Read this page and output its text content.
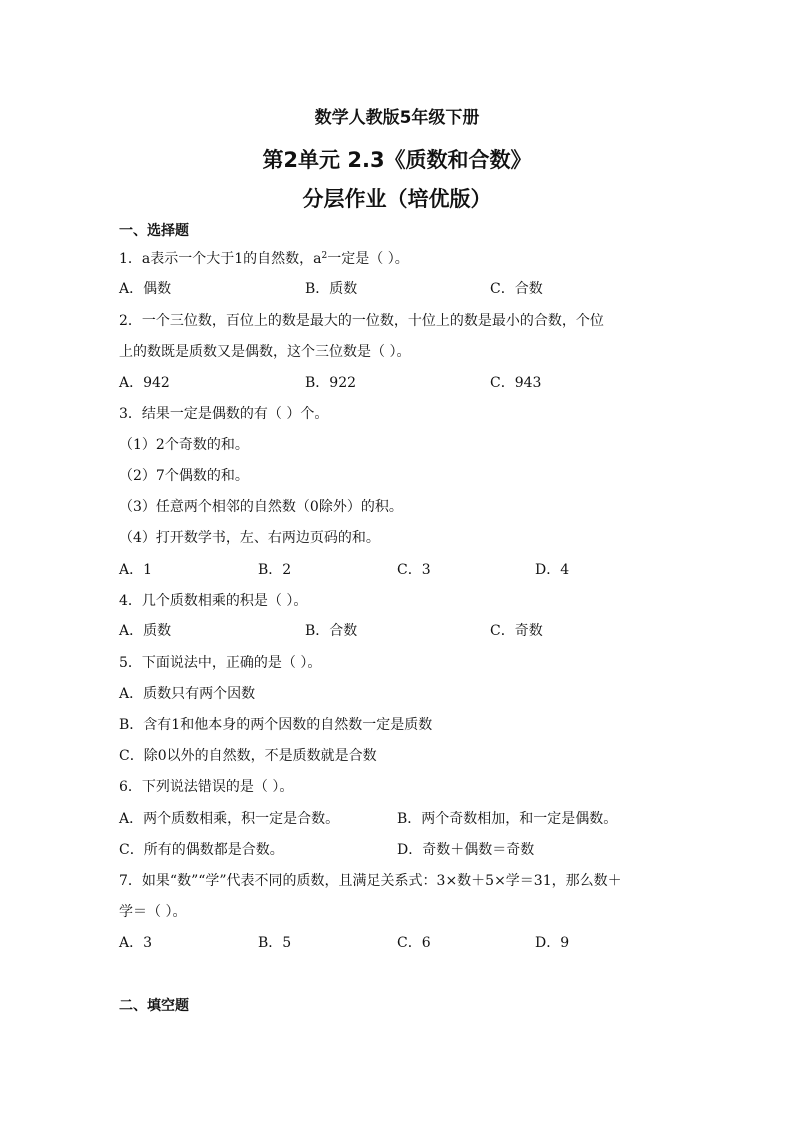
数学人教版5年级下册
第2单元 2.3《质数和合数》
分层作业（培优版）
一、选择题
1．a表示一个大于1的自然数，$a^2$一定是（ ）。
A．偶数	B．质数	C．合数
2．一个三位数，百位上的数是最大的一位数，十位上的数是最小的合数，个位
上的数既是质数又是偶数，这个三位数是（ ）。
A．942	B．922	C．943
3．结果一定是偶数的有（ ）个。
（1）2个奇数的和。
（2）7个偶数的和。
（3）任意两个相邻的自然数（0除外）的积。
（4）打开数学书，左、右两边页码的和。
A．1	B．2	C．3	D．4
4．几个质数相乘的积是（ ）。
A．质数	B．合数	C．奇数
5．下面说法中，正确的是（ ）。
A．质数只有两个因数
B．含有1和他本身的两个因数的自然数一定是质数
C．除0以外的自然数，不是质数就是合数
6．下列说法错误的是（ ）。
A．两个质数相乘，积一定是合数。	B．两个奇数相加，和一定是偶数。
C．所有的偶数都是合数。	D．奇数＋偶数＝奇数
7．如果“数”“学”代表不同的质数，且满足关系式：3×数＋5×学＝31，那么数＋
学＝（ ）。
A．3	B．5	C．6	D．9
二、填空题
